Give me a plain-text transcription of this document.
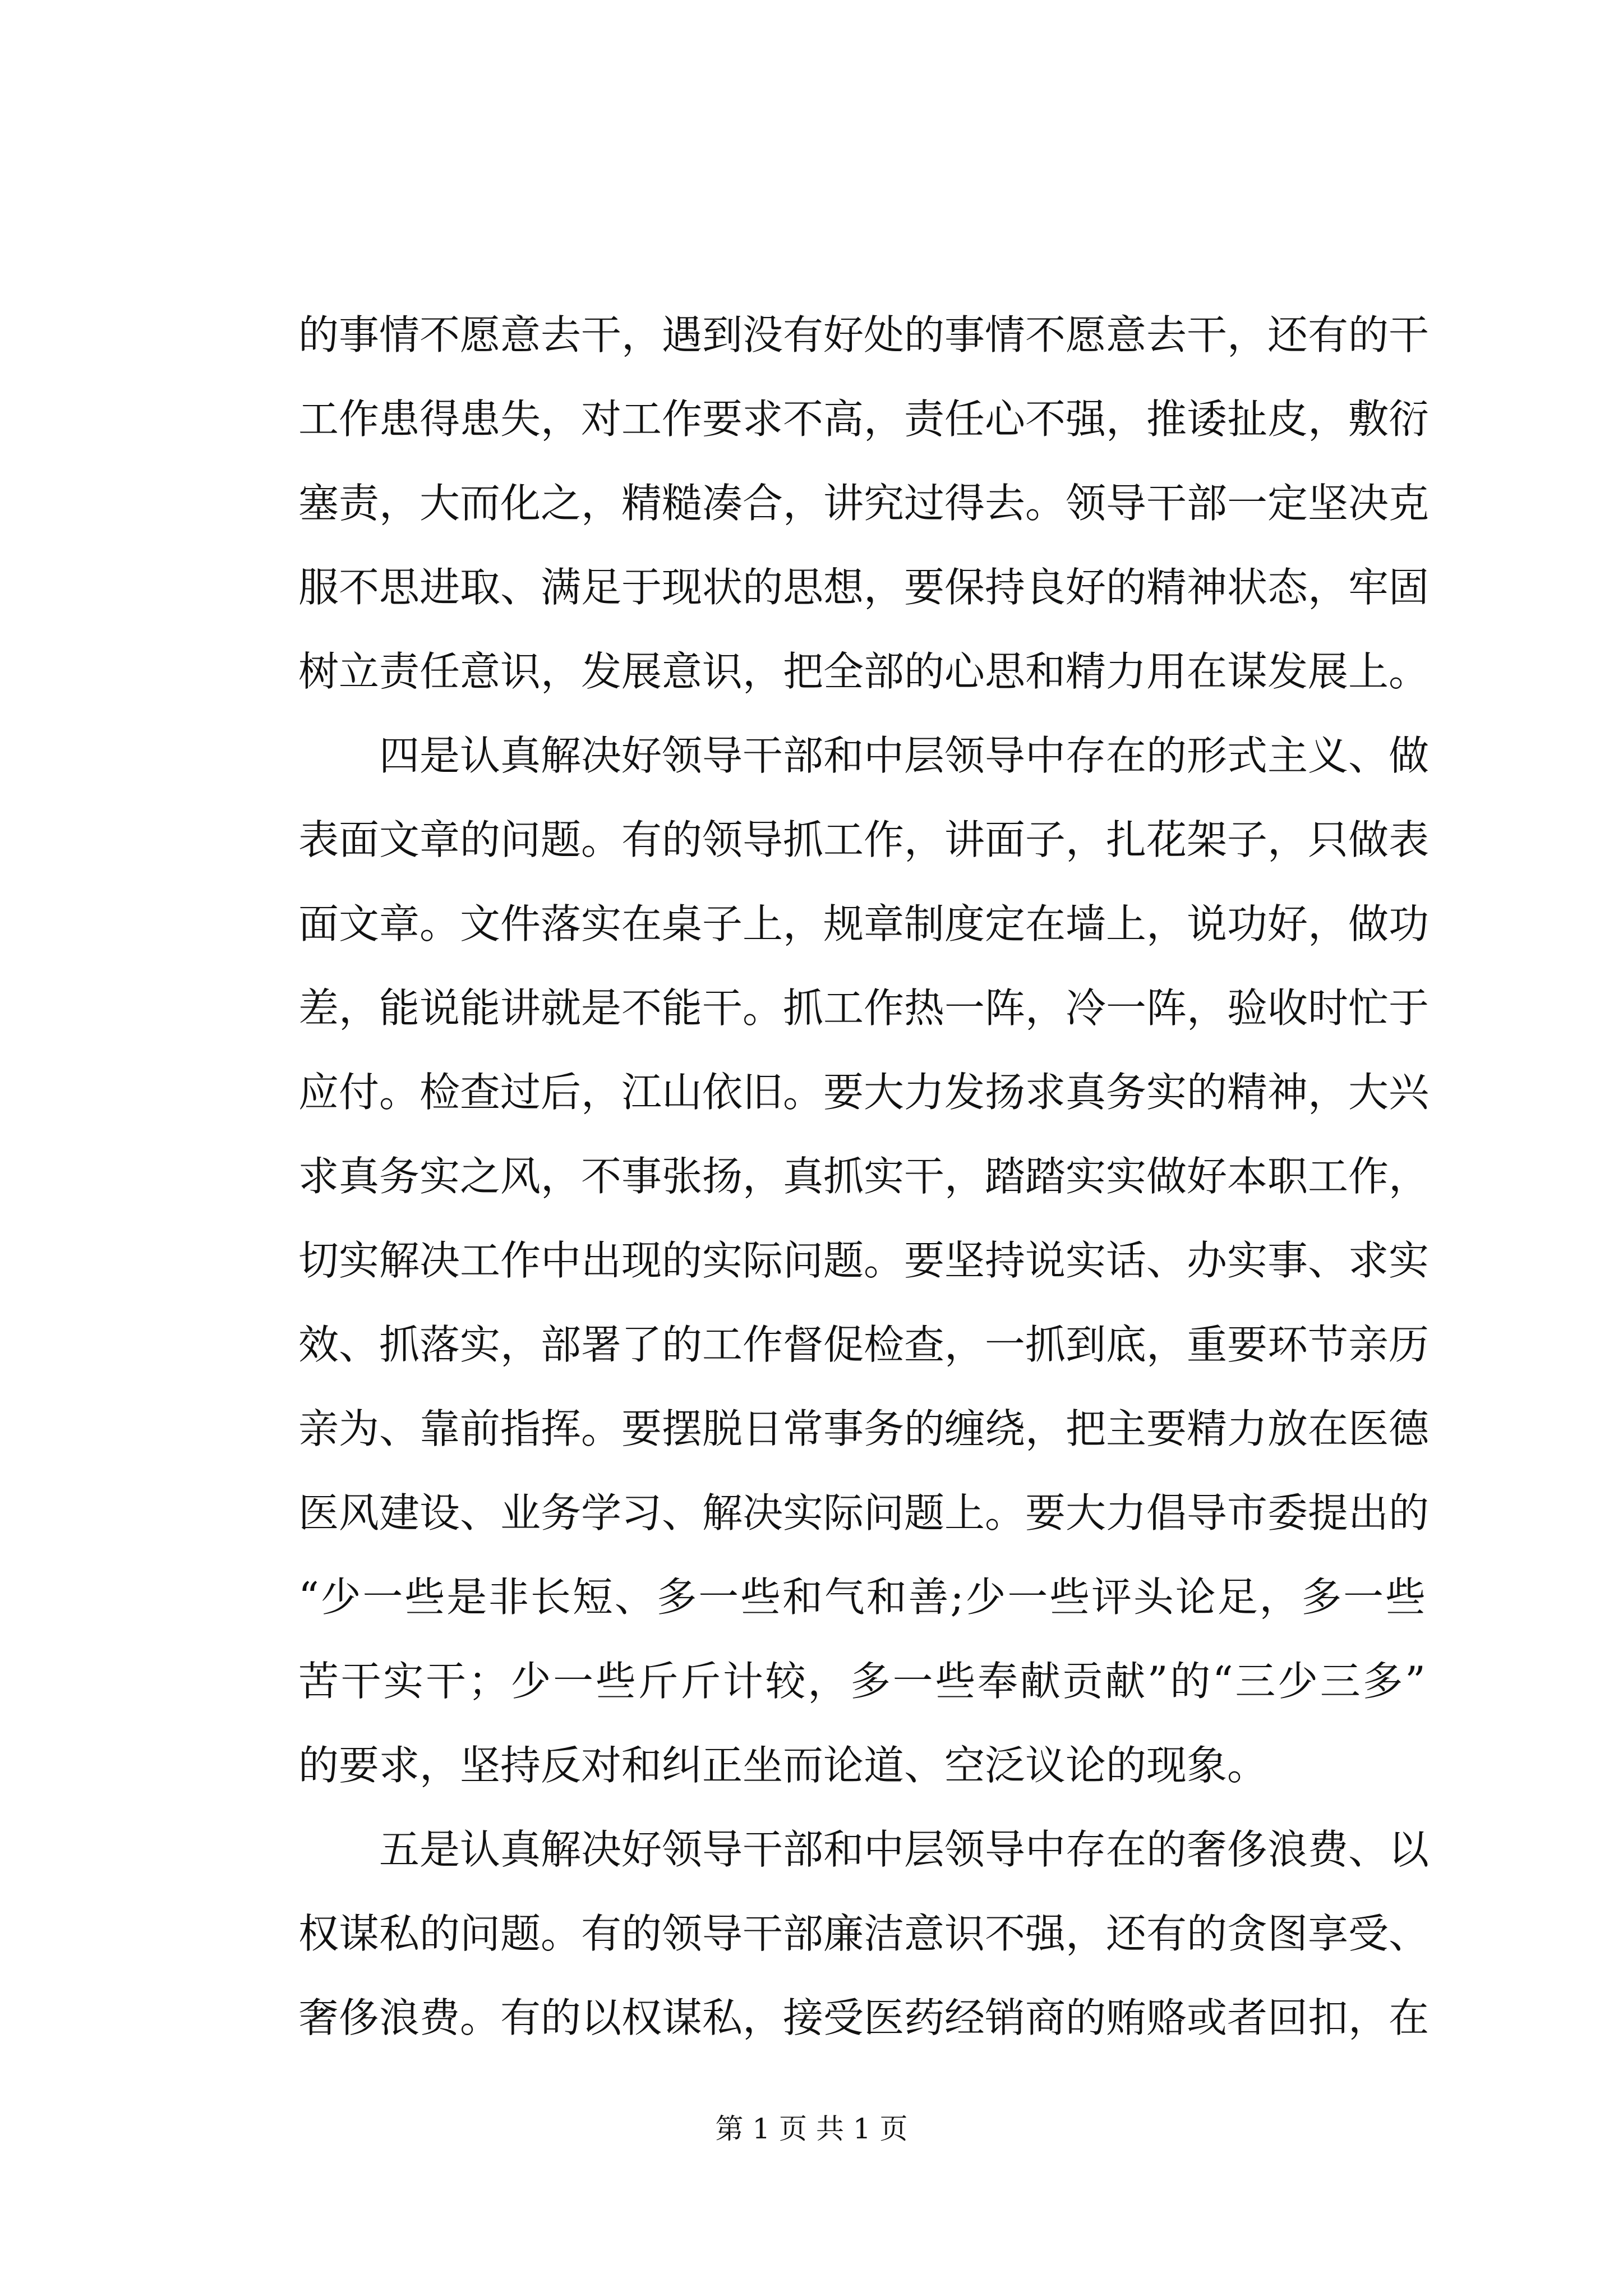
的事情不愿意去干，遇到没有好处的事情不愿意去干，还有的干
工作患得患失，对工作要求不高，责任心不强，推诿扯皮，敷衍
塞责，大而化之，精糙凑合，讲究过得去。领导干部一定坚决克
服不思进取、满足于现状的思想，要保持良好的精神状态，牢固
树立责任意识，发展意识，把全部的心思和精力用在谋发展上。
四是认真解决好领导干部和中层领导中存在的形式主义、做
表面文章的问题。有的领导抓工作，讲面子，扎花架子，只做表
面文章。文件落实在桌子上，规章制度定在墙上，说功好，做功
差，能说能讲就是不能干。抓工作热一阵，冷一阵，验收时忙于
应付。检查过后，江山依旧。要大力发扬求真务实的精神，大兴
求真务实之风，不事张扬，真抓实干，踏踏实实做好本职工作，
切实解决工作中出现的实际问题。要坚持说实话、办实事、求实
效、抓落实，部署了的工作督促检查，一抓到底，重要环节亲历
亲为、靠前指挥。要摆脱日常事务的缠绕，把主要精力放在医德
医风建设、业务学习、解决实际问题上。要大力倡导市委提出的
“少一些是非长短、多一些和气和善;少一些评头论足，多一些
苦干实干；少一些斤斤计较，多一些奉献贡献”的“三少三多”
的要求，坚持反对和纠正坐而论道、空泛议论的现象。
五是认真解决好领导干部和中层领导中存在的奢侈浪费、以
权谋私的问题。有的领导干部廉洁意识不强，还有的贪图享受、
奢侈浪费。有的以权谋私，接受医药经销商的贿赂或者回扣，在
第 1 页 共 1 页
